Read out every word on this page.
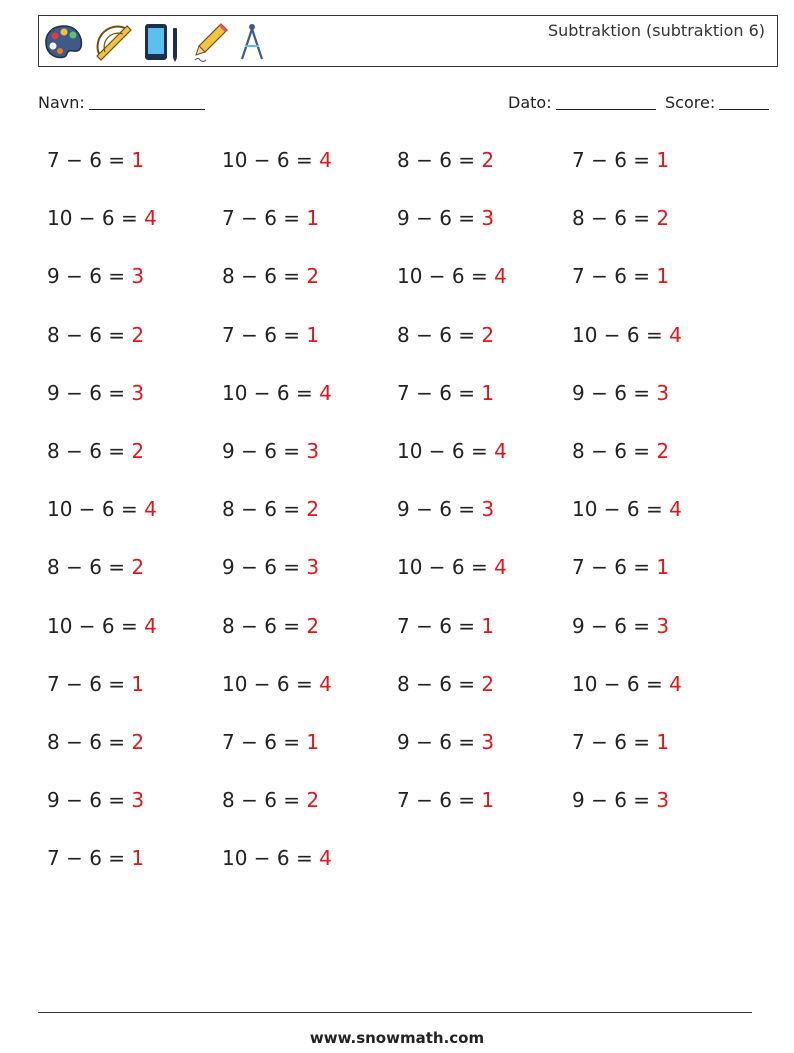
Subtraktion (subtraktion 6)
Navn:	Dato:	Score:
7 − 6 = 1	10 − 6 = 4	8 − 6 = 2	7 − 6 = 1
10 − 6 = 4	7 − 6 = 1	9 − 6 = 3	8 − 6 = 2
9 − 6 = 3	8 − 6 = 2	10 − 6 = 4	7 − 6 = 1
8 − 6 = 2	7 − 6 = 1	8 − 6 = 2	10 − 6 = 4
9 − 6 = 3	10 − 6 = 4	7 − 6 = 1	9 − 6 = 3
8 − 6 = 2	9 − 6 = 3	10 − 6 = 4	8 − 6 = 2
10 − 6 = 4	8 − 6 = 2	9 − 6 = 3	10 − 6 = 4
8 − 6 = 2	9 − 6 = 3	10 − 6 = 4	7 − 6 = 1
10 − 6 = 4	8 − 6 = 2	7 − 6 = 1	9 − 6 = 3
7 − 6 = 1	10 − 6 = 4	8 − 6 = 2	10 − 6 = 4
8 − 6 = 2	7 − 6 = 1	9 − 6 = 3	7 − 6 = 1
9 − 6 = 3	8 − 6 = 2	7 − 6 = 1	9 − 6 = 3
7 − 6 = 1	10 − 6 = 4
www.snowmath.com
